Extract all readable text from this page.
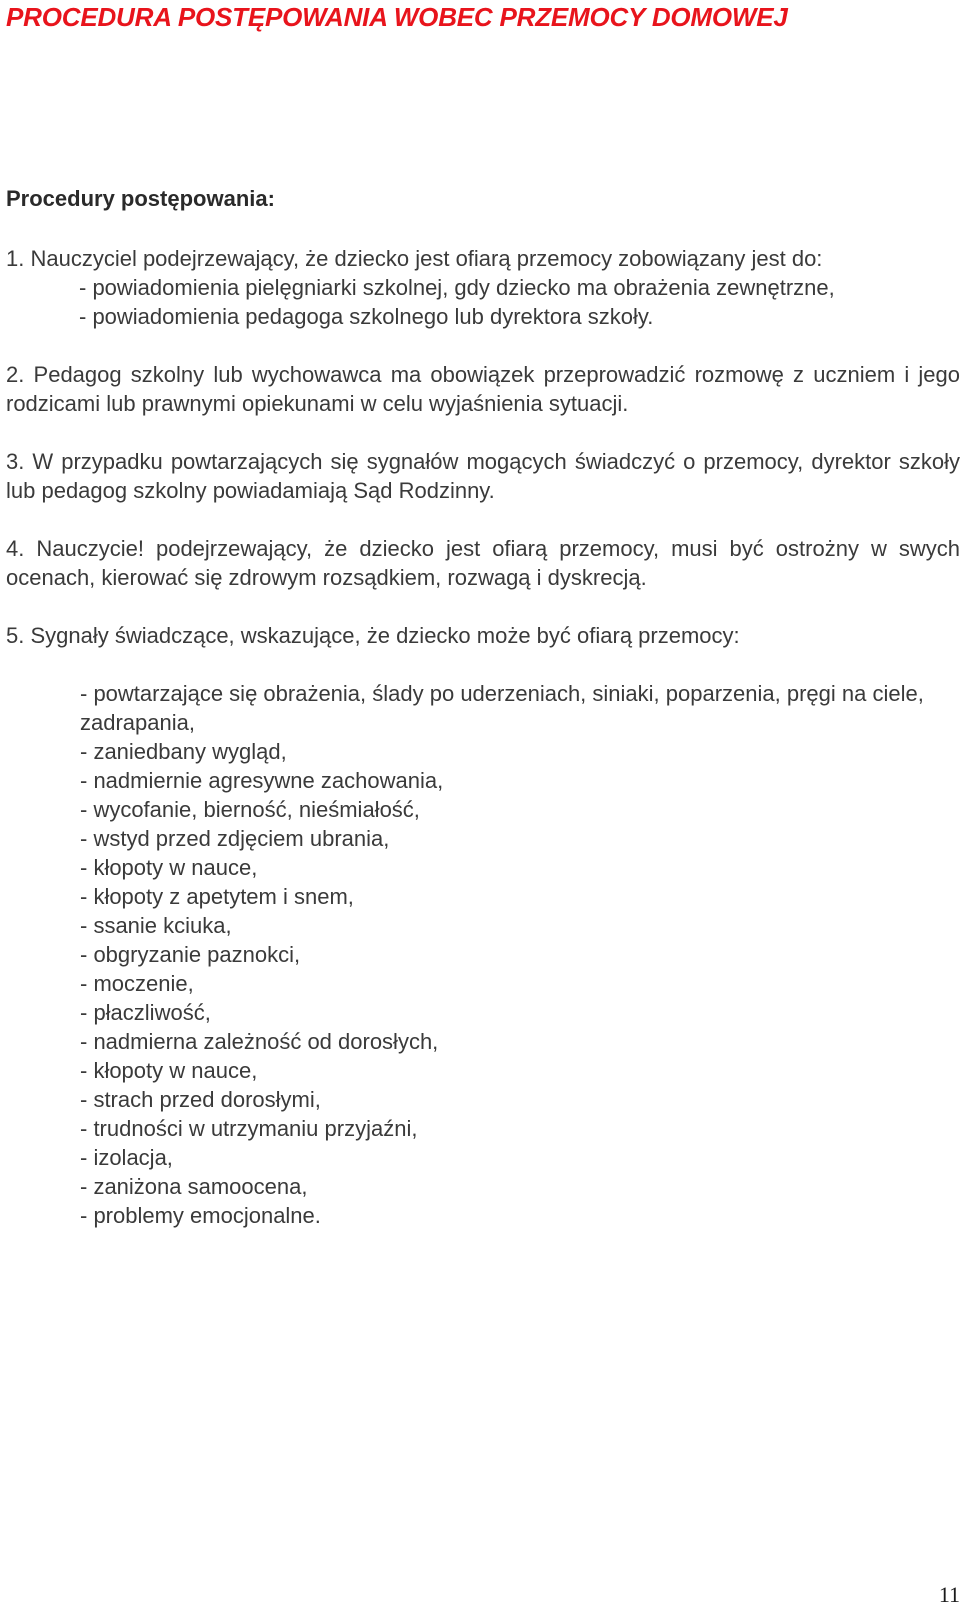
PROCEDURA POSTĘPOWANIA WOBEC PRZEMOCY DOMOWEJ
Procedury postępowania:
1. Nauczyciel podejrzewający, że dziecko jest ofiarą przemocy zobowiązany jest do:
- powiadomienia pielęgniarki szkolnej, gdy dziecko ma obrażenia zewnętrzne,
- powiadomienia pedagoga szkolnego lub dyrektora szkoły.

2. Pedagog szkolny lub wychowawca ma obowiązek przeprowadzić rozmowę z uczniem i jego rodzicami lub prawnymi opiekunami w celu wyjaśnienia sytuacji.

3. W przypadku powtarzających się sygnałów mogących świadczyć o przemocy, dyrektor szkoły lub pedagog szkolny powiadamiają Sąd Rodzinny.

4. Nauczycie! podejrzewający, że dziecko jest ofiarą przemocy, musi być ostrożny w swych ocenach, kierować się zdrowym rozsądkiem, rozwagą i dyskrecją.

5. Sygnały świadczące, wskazujące, że dziecko może być ofiarą przemocy:
- powtarzające się obrażenia, ślady po uderzeniach, siniaki, poparzenia, pręgi na ciele, zadrapania,
- zaniedbany wygląd,
- nadmiernie agresywne zachowania,
- wycofanie, bierność, nieśmiałość,
- wstyd przed zdjęciem ubrania,
- kłopoty w nauce,
- kłopoty z apetytem i snem,
- ssanie kciuka,
- obgryzanie paznokci,
- moczenie,
- płaczliwość,
- nadmierna zależność od dorosłych,
- kłopoty w nauce,
- strach przed dorosłymi,
- trudności w utrzymaniu przyjaźni,
- izolacja,
- zaniżona samoocena,
- problemy emocjonalne.
11
